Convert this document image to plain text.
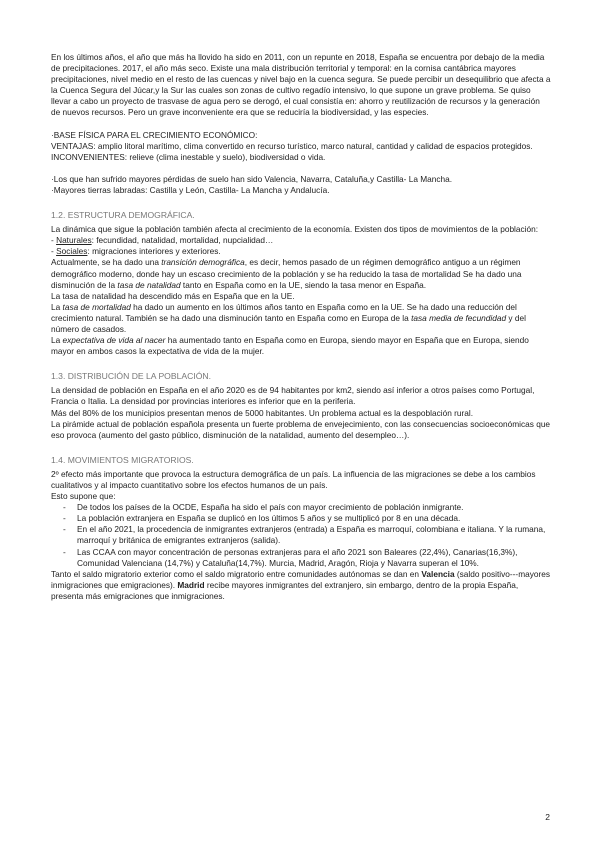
En los últimos años, el año que más ha llovido ha sido en 2011, con un repunte en 2018, España se encuentra por debajo de la media de precipitaciones. 2017, el año más seco. Existe una mala distribución territorial y temporal: en la cornisa cantábrica mayores precipitaciones, nivel medio en el resto de las cuencas y nivel bajo en la cuenca segura. Se puede percibir un desequilibrio que afecta a la Cuenca Segura del Júcar,y la Sur las cuales son zonas de cultivo regadío intensivo, lo que supone un grave problema. Se quiso llevar a cabo un proyecto de trasvase de agua pero se derogó, el cual consistía en: ahorro y reutilización de recursos y la generación de nuevos recursos. Pero un grave inconveniente era que se reduciría la biodiversidad, y las especies.

·BASE FÍSICA PARA EL CRECIMIENTO ECONÓMICO:

VENTAJAS: amplio litoral marítimo, clima convertido en recurso turístico, marco natural, cantidad y calidad de espacios protegidos.

INCONVENIENTES: relieve (clima inestable y suelo), biodiversidad o vida.

·Los que han sufrido mayores pérdidas de suelo han sido Valencia, Navarra, Cataluña,y Castilla- La Mancha.

·Mayores tierras labradas: Castilla y León, Castilla- La Mancha y Andalucía.

1.2. ESTRUCTURA DEMOGRÁFICA.

La dinámica que sigue la población también afecta al crecimiento de la economía. Existen dos tipos de movimientos de la población:

- Naturales: fecundidad, natalidad, mortalidad, nupcialidad…

- Sociales: migraciones interiores y exteriores.

Actualmente, se ha dado una transición demográfica, es decir, hemos pasado de un régimen demográfico antiguo a un régimen demográfico moderno, donde hay un escaso crecimiento de la población y se ha reducido la tasa de mortalidad Se ha dado una disminución de la tasa de natalidad tanto en España como en la UE, siendo la tasa menor en España.

La tasa de natalidad ha descendido más en España que en la UE.

La tasa de mortalidad ha dado un aumento en los últimos años tanto en España como en la UE. Se ha dado una reducción del crecimiento natural. También se ha dado una disminución tanto en España como en Europa de la tasa media de fecundidad y del número de casados.

La expectativa de vida al nacer ha aumentado tanto en España como en Europa, siendo mayor en España que en Europa, siendo mayor en ambos casos la expectativa de vida de la mujer.

1.3. DISTRIBUCIÓN DE LA POBLACIÓN.

La densidad de población en España en el año 2020 es de 94 habitantes por km2, siendo así inferior a otros países como Portugal, Francia o Italia. La densidad por provincias interiores es inferior que en la periferia.

Más del 80% de los municipios presentan menos de 5000 habitantes. Un problema actual es la despoblación rural.

La pirámide actual de población española presenta un fuerte problema de envejecimiento, con las consecuencias socioeconómicas que eso provoca (aumento del gasto público, disminución de la natalidad, aumento del desempleo…).

1.4. MOVIMIENTOS MIGRATORIOS.

2º efecto más importante que provoca la estructura demográfica de un país. La influencia de las migraciones se debe a los cambios cualitativos y al impacto cuantitativo sobre los efectos humanos de un país.

Esto supone que:

- De todos los países de la OCDE, España ha sido el país con mayor crecimiento de población inmigrante.
- La población extranjera en España se duplicó en los últimos 5 años y se multiplicó por 8 en una década.
- En el año 2021, la procedencia de inmigrantes extranjeros (entrada) a España es marroquí, colombiana e italiana. Y la rumana, marroquí y británica de emigrantes extranjeros (salida).
- Las CCAA con mayor concentración de personas extranjeras para el año 2021 son Baleares (22,4%), Canarias(16,3%), Comunidad Valenciana (14,7%) y Cataluña(14,7%). Murcia, Madrid, Aragón, Rioja y Navarra superan el 10%.

Tanto el saldo migratorio exterior como el saldo migratorio entre comunidades autónomas se dan en Valencia (saldo positivo---mayores inmigraciones que emigraciones). Madrid recibe mayores inmigrantes del extranjero, sin embargo, dentro de la propia España, presenta más emigraciones que inmigraciones.

2
